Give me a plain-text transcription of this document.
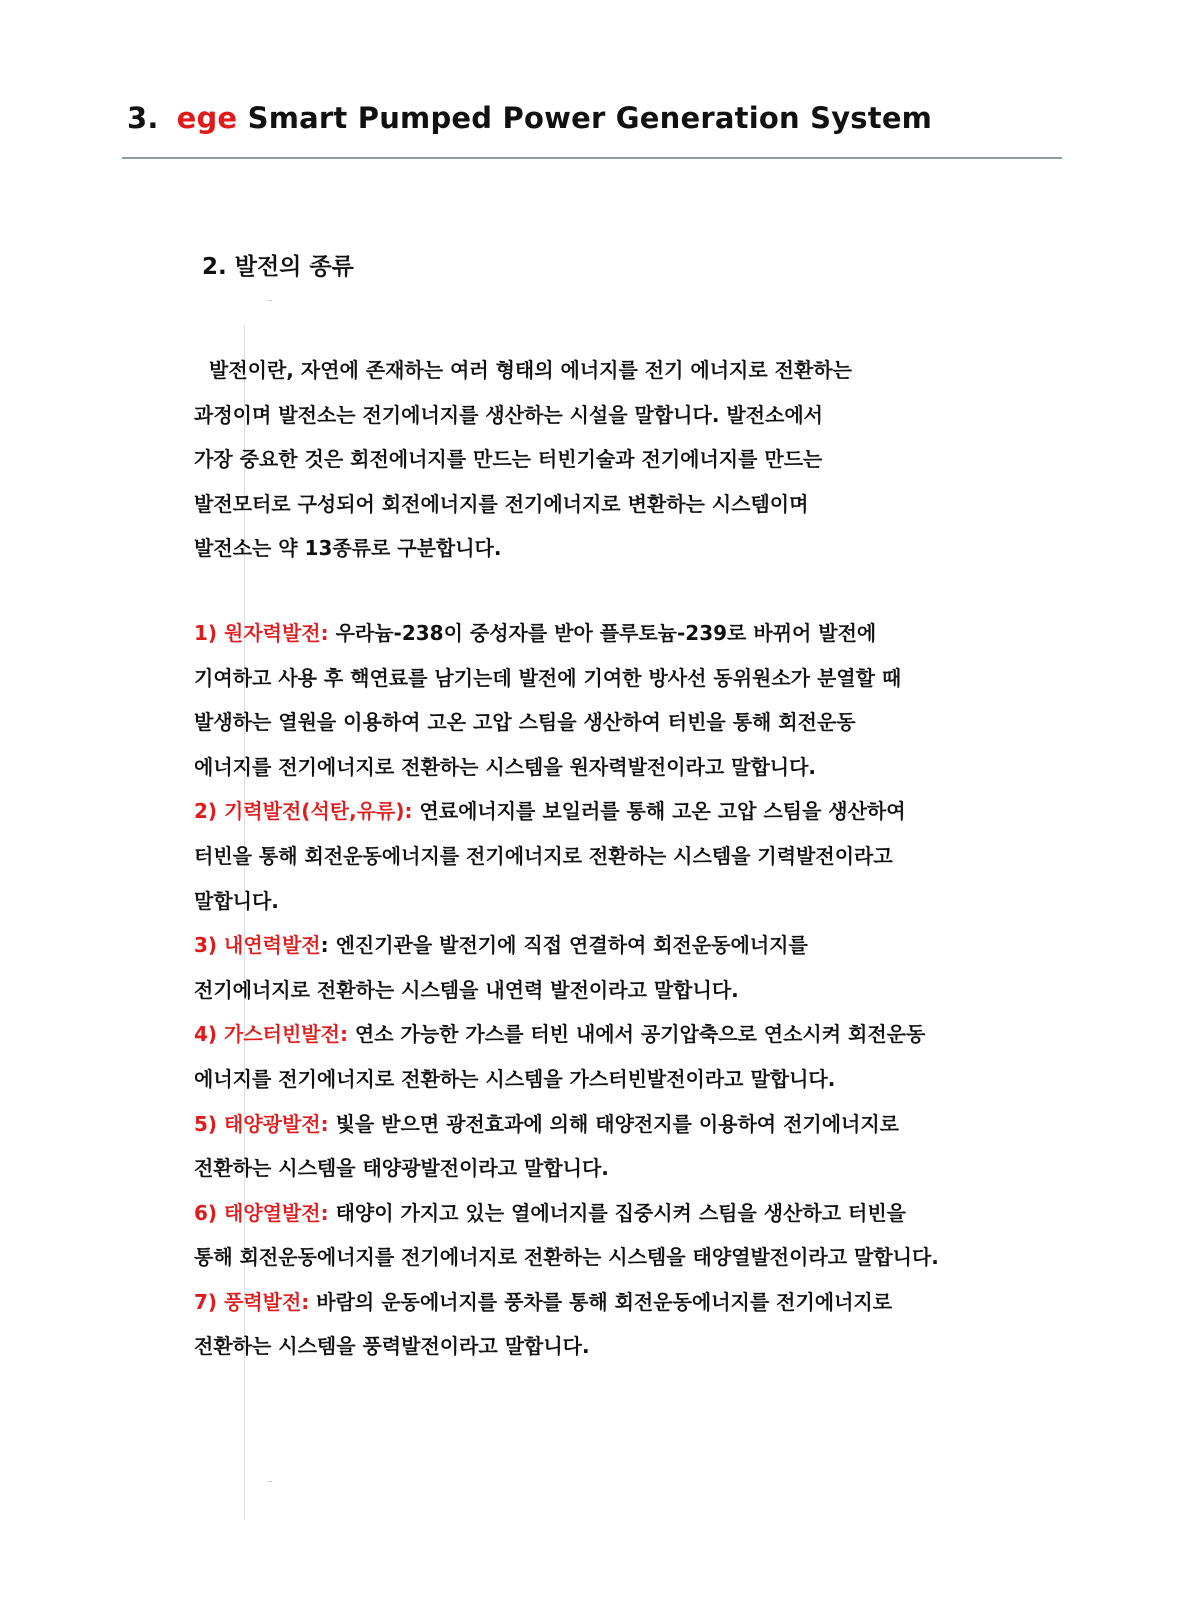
3. ege Smart Pumped Power Generation System
2. 발전의 종류
발전이란, 자연에 존재하는 여러 형태의 에너지를 전기 에너지로 전환하는
과정이며 발전소는 전기에너지를 생산하는 시설을 말합니다. 발전소에서
가장 중요한 것은 회전에너지를 만드는 터빈기술과 전기에너지를 만드는
발전모터로 구성되어 회전에너지를 전기에너지로 변환하는 시스템이며
발전소는 약 13종류로 구분합니다.
1) 원자력발전: 우라늄-238이 중성자를 받아 플루토늄-239로 바뀌어 발전에
기여하고 사용 후 핵연료를 남기는데 발전에 기여한 방사선 동위원소가 분열할 때
발생하는 열원을 이용하여 고온 고압 스팀을 생산하여 터빈을 통해 회전운동
에너지를 전기에너지로 전환하는 시스템을 원자력발전이라고 말합니다.
2) 기력발전(석탄,유류): 연료에너지를 보일러를 통해 고온 고압 스팀을 생산하여
터빈을 통해 회전운동에너지를 전기에너지로 전환하는 시스템을 기력발전이라고
말합니다.
3) 내연력발전: 엔진기관을 발전기에 직접 연결하여 회전운동에너지를
전기에너지로 전환하는 시스템을 내연력 발전이라고 말합니다.
4) 가스터빈발전: 연소 가능한 가스를 터빈 내에서 공기압축으로 연소시켜 회전운동
에너지를 전기에너지로 전환하는 시스템을 가스터빈발전이라고 말합니다.
5) 태양광발전: 빛을 받으면 광전효과에 의해 태양전지를 이용하여 전기에너지로
전환하는 시스템을 태양광발전이라고 말합니다.
6) 태양열발전: 태양이 가지고 있는 열에너지를 집중시켜 스팀을 생산하고 터빈을
통해 회전운동에너지를 전기에너지로 전환하는 시스템을 태양열발전이라고 말합니다.
7) 풍력발전: 바람의 운동에너지를 풍차를 통해 회전운동에너지를 전기에너지로
전환하는 시스템을 풍력발전이라고 말합니다.
